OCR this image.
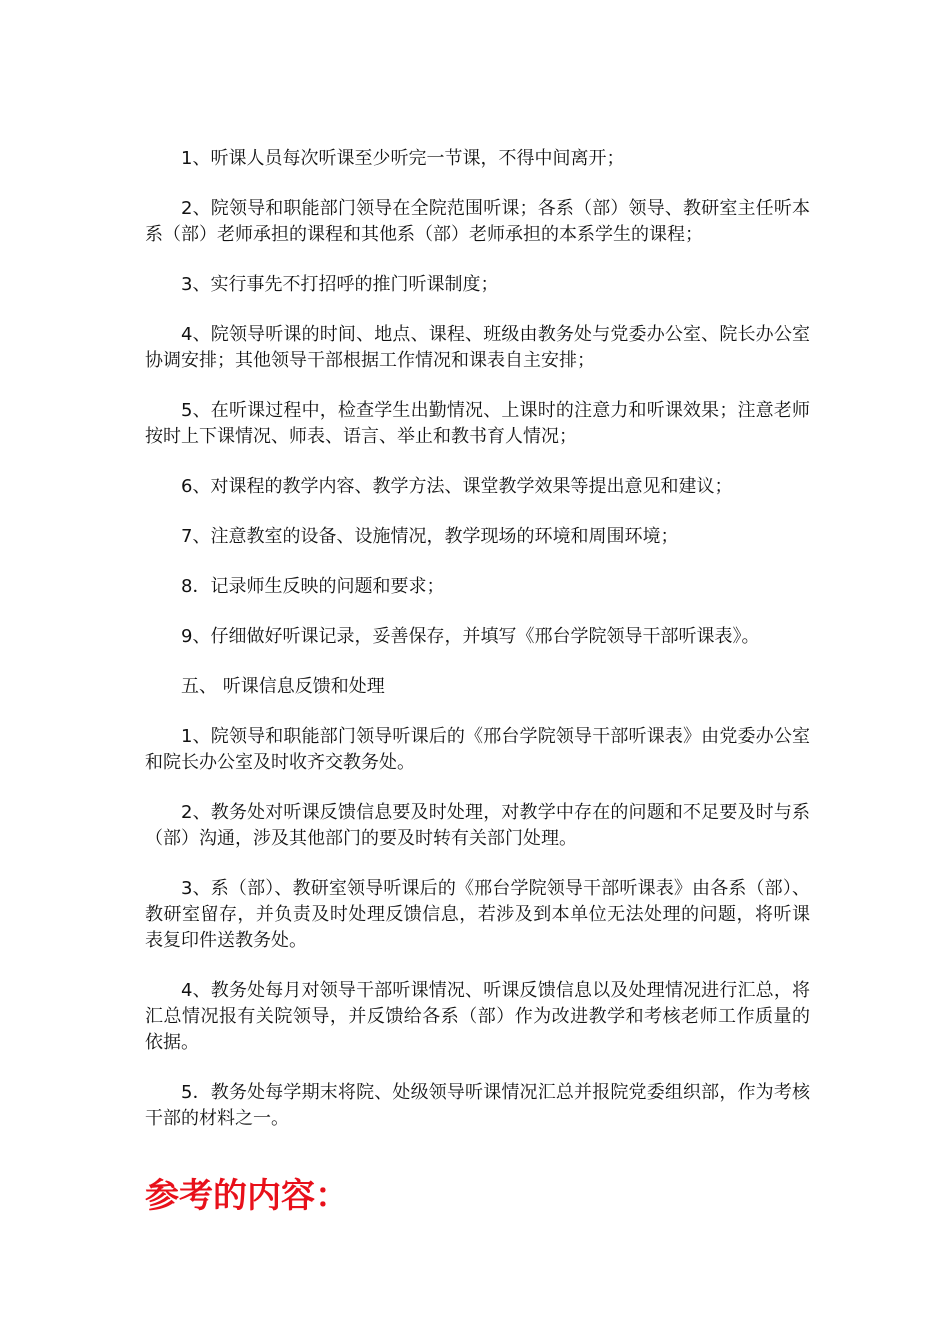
1、听课人员每次听课至少听完一节课，不得中间离开；

2、院领导和职能部门领导在全院范围听课；各系（部）领导、教研室主任听本系（部）老师承担的课程和其他系（部）老师承担的本系学生的课程；

3、实行事先不打招呼的推门听课制度；

4、院领导听课的时间、地点、课程、班级由教务处与党委办公室、院长办公室协调安排；其他领导干部根据工作情况和课表自主安排；

5、在听课过程中，检查学生出勤情况、上课时的注意力和听课效果；注意老师按时上下课情况、师表、语言、举止和教书育人情况；

6、对课程的教学内容、教学方法、课堂教学效果等提出意见和建议；

7、注意教室的设备、设施情况，教学现场的环境和周围环境；

8．记录师生反映的问题和要求；

9、仔细做好听课记录，妥善保存，并填写《邢台学院领导干部听课表》。

五、 听课信息反馈和处理

1、院领导和职能部门领导听课后的《邢台学院领导干部听课表》由党委办公室和院长办公室及时收齐交教务处。

2、教务处对听课反馈信息要及时处理，对教学中存在的问题和不足要及时与系（部）沟通，涉及其他部门的要及时转有关部门处理。

3、系（部）、教研室领导听课后的《邢台学院领导干部听课表》由各系（部）、教研室留存，并负责及时处理反馈信息，若涉及到本单位无法处理的问题，将听课表复印件送教务处。

4、教务处每月对领导干部听课情况、听课反馈信息以及处理情况进行汇总，将汇总情况报有关院领导，并反馈给各系（部）作为改进教学和考核老师工作质量的依据。

5．教务处每学期末将院、处级领导听课情况汇总并报院党委组织部，作为考核干部的材料之一。

参考的内容：
